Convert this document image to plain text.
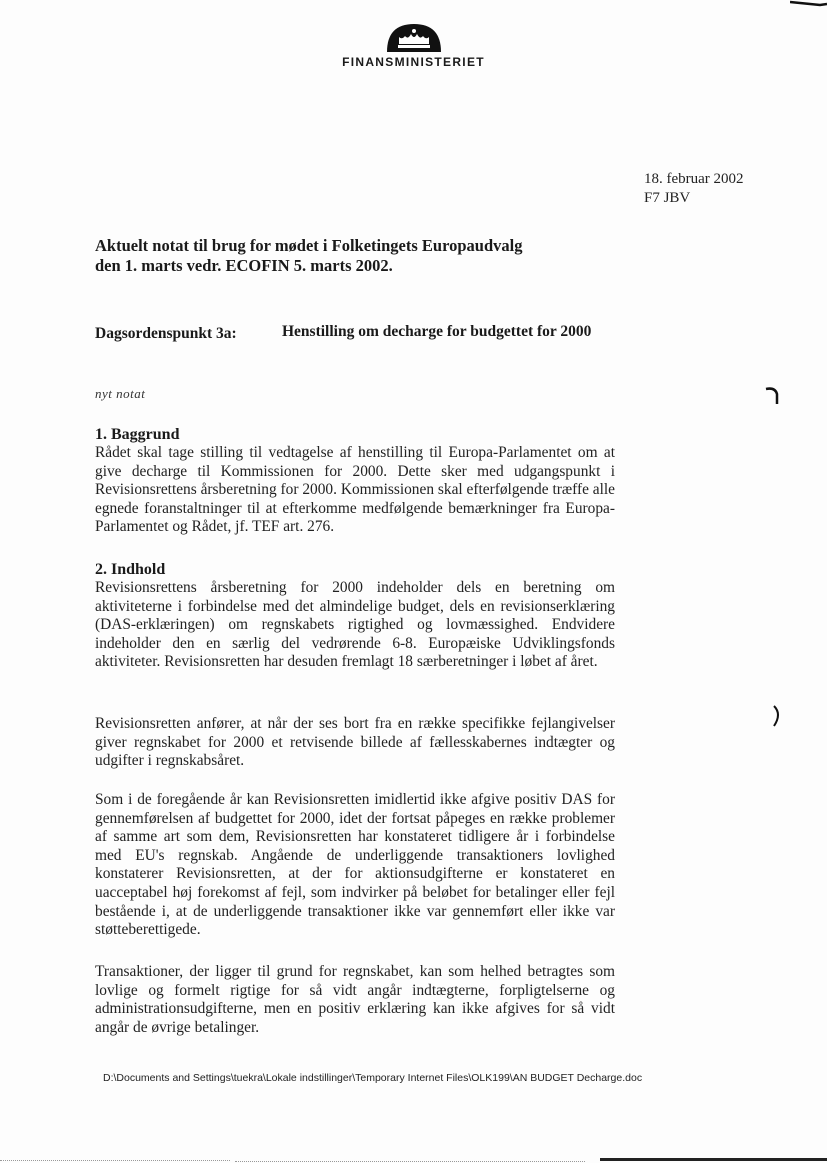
FINANSMINISTERIET
18. februar 2002
F7 JBV
Aktuelt notat til brug for mødet i Folketingets Europaudvalg
den 1. marts vedr. ECOFIN 5. marts 2002.
Dagsordenspunkt 3a:	Henstilling om decharge for budgettet for 2000
nyt notat
1. Baggrund
Rådet skal tage stilling til vedtagelse af henstilling til Europa-Parlamentet om at give decharge til Kommissionen for 2000. Dette sker med udgangspunkt i Revisionsrettens årsberetning for 2000. Kommissionen skal efterfølgende træffe alle egnede foranstaltninger til at efterkomme medfølgende bemærkninger fra Europa-Parlamentet og Rådet, jf. TEF art. 276.
2. Indhold
Revisionsrettens årsberetning for 2000 indeholder dels en beretning om aktiviteterne i forbindelse med det almindelige budget, dels en revisionserklæring (DAS-erklæringen) om regnskabets rigtighed og lovmæssighed. Endvidere indeholder den en særlig del vedrørende 6-8. Europæiske Udviklingsfonds aktiviteter. Revisionsretten har desuden fremlagt 18 særberetninger i løbet af året.
Revisionsretten anfører, at når der ses bort fra en række specifikke fejlangivelser giver regnskabet for 2000 et retvisende billede af fællesskabernes indtægter og udgifter i regnskabsåret.
Som i de foregående år kan Revisionsretten imidlertid ikke afgive positiv DAS for gennemførelsen af budgettet for 2000, idet der fortsat påpeges en række problemer af samme art som dem, Revisionsretten har konstateret tidligere år i forbindelse med EU's regnskab. Angående de underliggende transaktioners lovlighed konstaterer Revisionsretten, at der for aktionsudgifterne er konstateret en uacceptabel høj forekomst af fejl, som indvirker på beløbet for betalinger eller fejl bestående i, at de underliggende transaktioner ikke var gennemført eller ikke var støtteberettigede.
Transaktioner, der ligger til grund for regnskabet, kan som helhed betragtes som lovlige og formelt rigtige for så vidt angår indtægterne, forpligtelserne og administrationsudgifterne, men en positiv erklæring kan ikke afgives for så vidt angår de øvrige betalinger.
D:\Documents and Settings\tuekra\Lokale indstillinger\Temporary Internet Files\OLK199\AN BUDGET Decharge.doc
